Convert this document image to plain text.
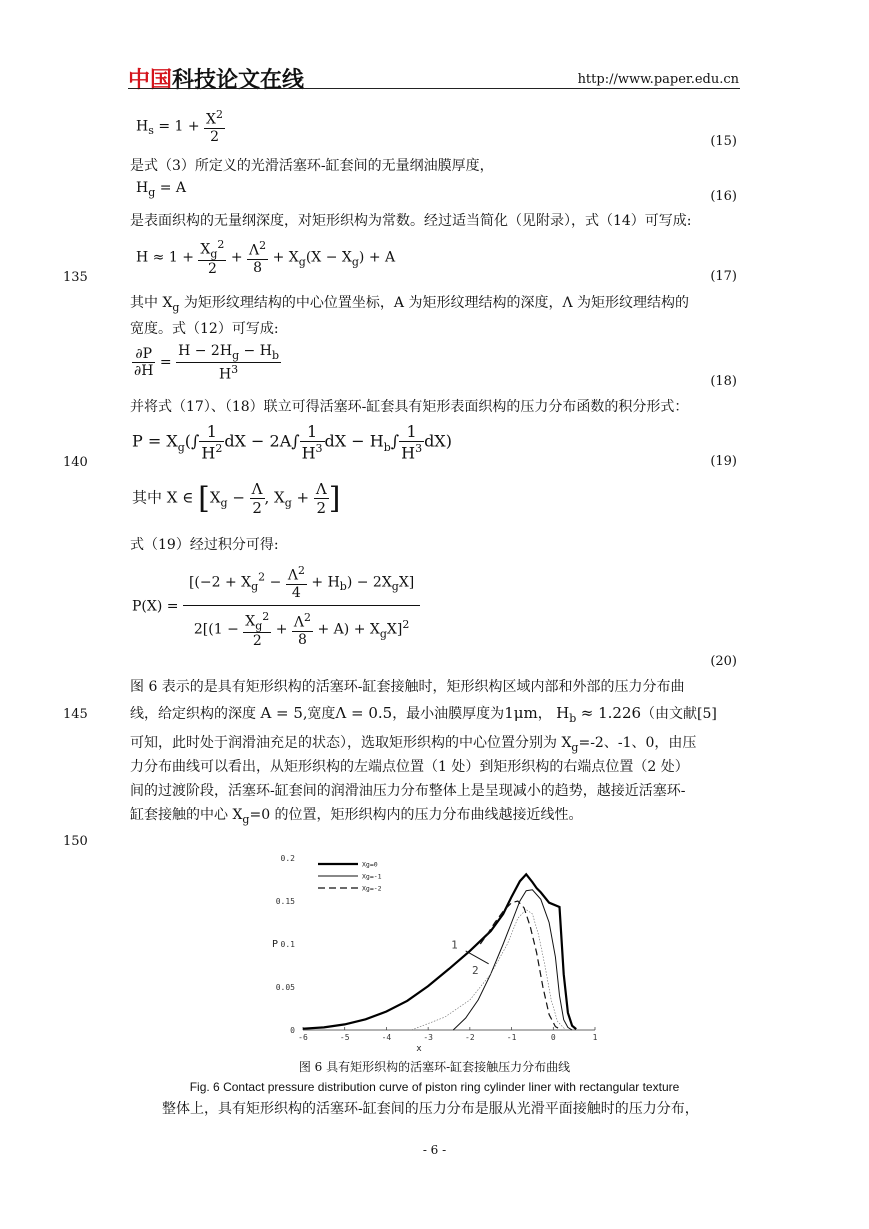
中国科技论文在线	http://www.paper.edu.cn
$H_s = 1 + \frac{X^2}{2}$	(15)
是式（3）所定义的光滑活塞环-缸套间的无量纲油膜厚度，
$H_g = A$
(16)
是表面织构的无量纲深度，对矩形织构为常数。经过适当简化（见附录），式（14）可写成:
$H \approx 1 + \frac{X_g^2}{2} + \frac{\Lambda^2}{8} + X_g(X - X_g) + A$
135	(17)
其中 $X_g$ 为矩形纹理结构的中心位置坐标，A 为矩形纹理结构的深度，Λ 为矩形纹理结构的
宽度。式（12）可写成:
$\frac{\partial P}{\partial H} = \frac{H - 2H_g - H_b}{H^3}$	(18)
并将式（17）、（18）联立可得活塞环-缸套具有矩形表面织构的压力分布函数的积分形式：
$P = X_g(\int \frac{1}{H^2}$ dX − $2A\int \frac{1}{H^3}$ dX − $H_b\int \frac{1}{H^3} dX$)
140	(19)
其中 X ∈ [$X_g - \frac{\Lambda}{2}$ , $X_g + \frac{\Lambda}{2}$ ]
式（19）经过积分可得:
$P(X) = \frac{[(-2 + X_g^2 - \frac{\Lambda^2}{4} + H_b) - 2X_gX]}{2[(1 - \frac{X_g^2}{2} + \frac{\Lambda^2}{8} + A) + X_gX]^2}$
(20)
图 6 表示的是具有矩形织构的活塞环-缸套接触时，矩形织构区域内部和外部的压力分布曲
145	线，给定织构的深度 A = 5,宽度Λ = 0.5，最小油膜厚度为1μm， $H_b \approx 1.226$（由文献[5]
可知，此时处于润滑油充足的状态），选取矩形织构的中心位置分别为 $X_g=-2$、-1、0，由压
力分布曲线可以看出，从矩形织构的左端点位置（1 处）到矩形织构的右端点位置（2 处）
间的过渡阶段，活塞环-缸套间的润滑油压力分布整体上是呈现减小的趋势，越接近活塞环-
缸套接触的中心 $X_g=0$ 的位置，矩形织构内的压力分布曲线越接近线性。
150
-6	-5	-4	-3	-2	-1	0	1
0
0.05
0.1
0.15
0.2
x
P
Xg=0
Xg=-1
Xg=-2
1
2
图 6 具有矩形织构的活塞环-缸套接触压力分布曲线
Fig. 6 Contact pressure distribution curve of piston ring cylinder liner with rectangular texture
整体上，具有矩形织构的活塞环-缸套间的压力分布是服从光滑平面接触时的压力分布，
- 6 -
